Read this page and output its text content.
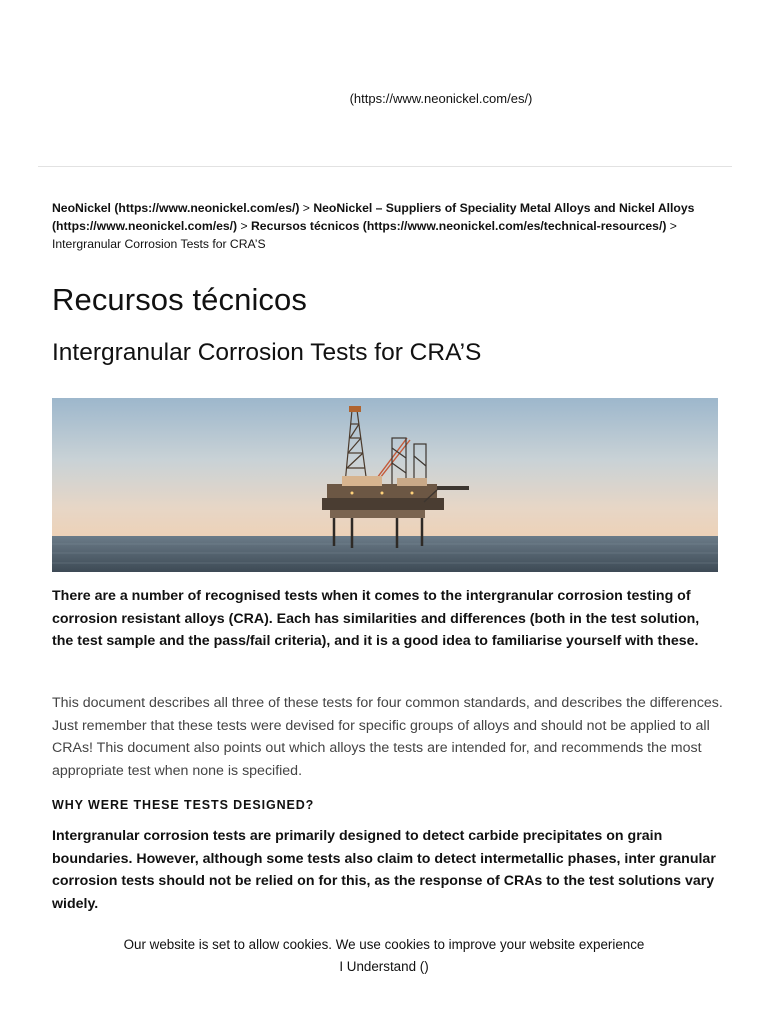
(https://www.neonickel.com/es/)
NeoNickel (https://www.neonickel.com/es/) > NeoNickel – Suppliers of Speciality Metal Alloys and Nickel Alloys (https://www.neonickel.com/es/) > Recursos técnicos (https://www.neonickel.com/es/technical-resources/) > Intergranular Corrosion Tests for CRA’S
Recursos técnicos
Intergranular Corrosion Tests for CRA’S

There are a number of recognised tests when it comes to the intergranular corrosion testing of corrosion resistant alloys (CRA). Each has similarities and differences (both in the test solution, the test sample and the pass/fail criteria), and it is a good idea to familiarise yourself with these.

This document describes all three of these tests for four common standards, and describes the differences. Just remember that these tests were devised for specific groups of alloys and should not be applied to all CRAs! This document also points out which alloys the tests are intended for, and recommends the most appropriate test when none is specified.

WHY WERE THESE TESTS DESIGNED?

Intergranular corrosion tests are primarily designed to detect carbide precipitates on grain boundaries. However, although some tests also claim to detect intermetallic phases, inter granular corrosion tests should not be relied on for this, as the response of CRAs to the test solutions vary widely.

Our website is set to allow cookies. We use cookies to improve your website experience
I Understand ()
